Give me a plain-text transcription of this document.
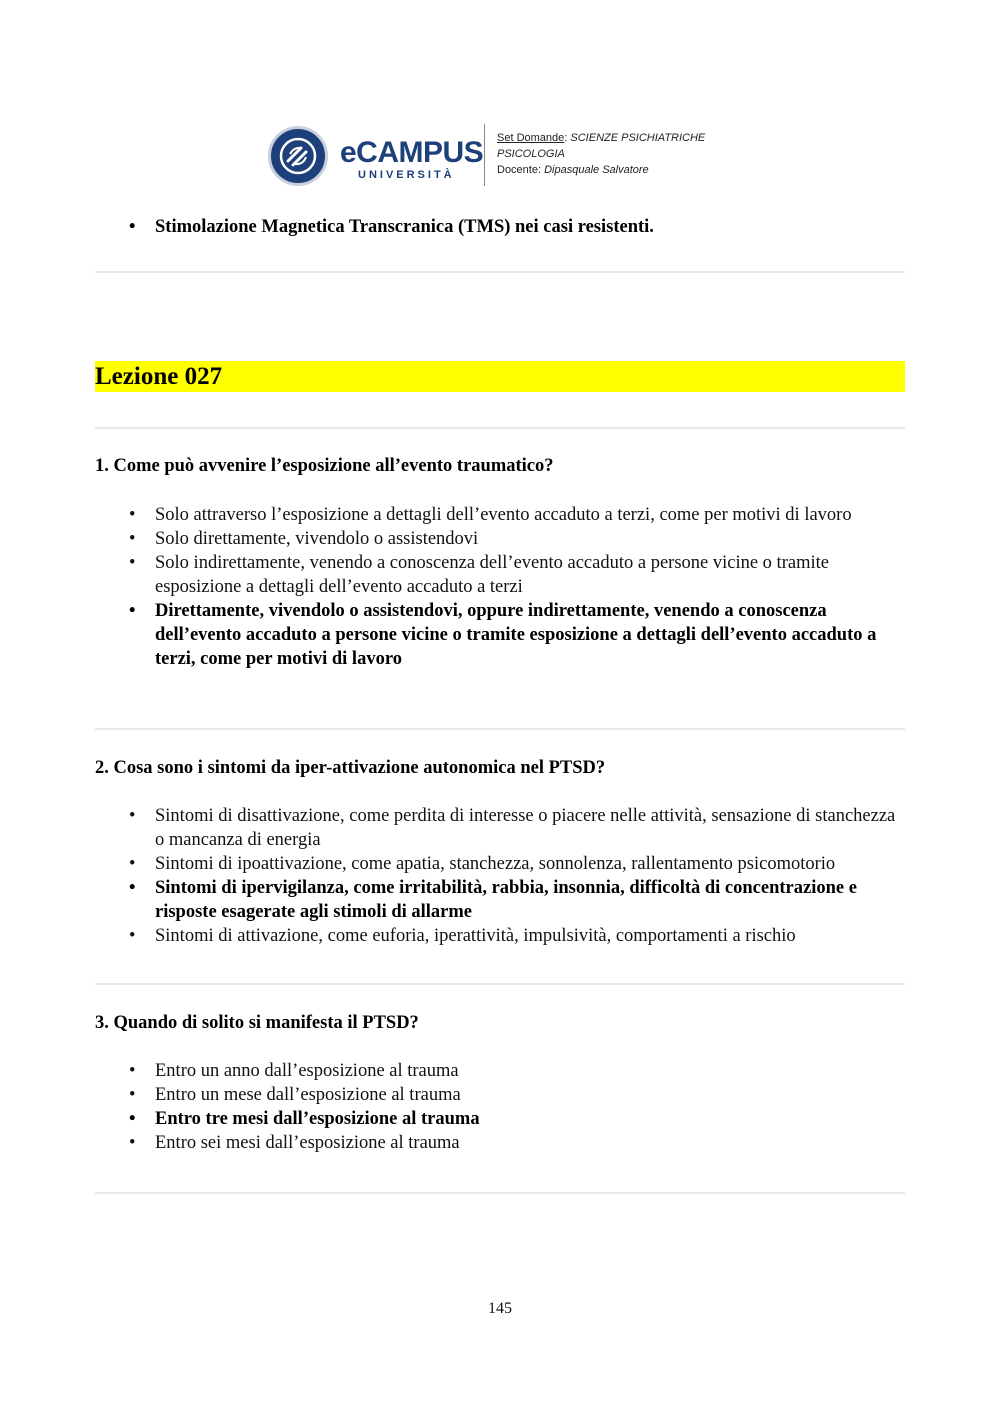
eCAMPUS
UNIVERSITÀ
Set Domande: SCIENZE PSICHIATRICHE
PSICOLOGIA
Docente: Dipasquale Salvatore
• Stimolazione Magnetica Transcranica (TMS) nei casi resistenti.
Lezione 027

1. Come può avvenire l’esposizione all’evento traumatico?

• Solo attraverso l’esposizione a dettagli dell’evento accaduto a terzi, come per motivi di lavoro
• Solo direttamente, vivendolo o assistendovi
• Solo indirettamente, venendo a conoscenza dell’evento accaduto a persone vicine o tramite esposizione a dettagli dell’evento accaduto a terzi
• Direttamente, vivendolo o assistendovi, oppure indirettamente, venendo a conoscenza dell’evento accaduto a persone vicine o tramite esposizione a dettagli dell’evento accaduto a terzi, come per motivi di lavoro

2. Cosa sono i sintomi da iper-attivazione autonomica nel PTSD?

• Sintomi di disattivazione, come perdita di interesse o piacere nelle attività, sensazione di stanchezza o mancanza di energia
• Sintomi di ipoattivazione, come apatia, stanchezza, sonnolenza, rallentamento psicomotorio
• Sintomi di ipervigilanza, come irritabilità, rabbia, insonnia, difficoltà di concentrazione e risposte esagerate agli stimoli di allarme
• Sintomi di attivazione, come euforia, iperattività, impulsività, comportamenti a rischio

3. Quando di solito si manifesta il PTSD?

• Entro un anno dall’esposizione al trauma
• Entro un mese dall’esposizione al trauma
• Entro tre mesi dall’esposizione al trauma
• Entro sei mesi dall’esposizione al trauma
145
